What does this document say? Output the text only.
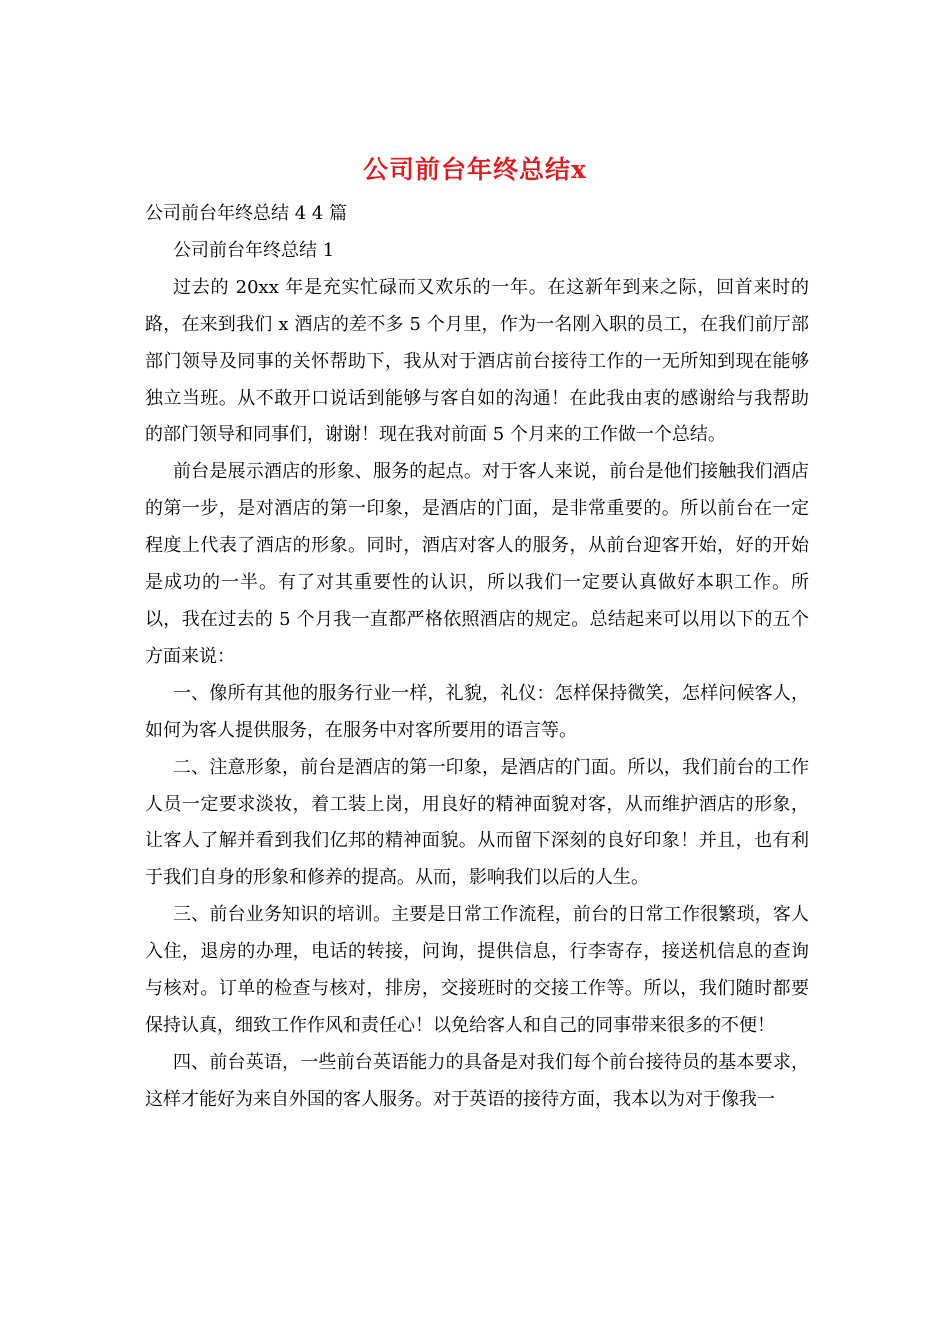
公司前台年终总结x

公司前台年终总结 4 4 篇

公司前台年终总结 1

过去的 20xx 年是充实忙碌而又欢乐的一年。在这新年到来之际，回首来时的路，在来到我们 x 酒店的差不多 5 个月里，作为一名刚入职的员工，在我们前厅部部门领导及同事的关怀帮助下，我从对于酒店前台接待工作的一无所知到现在能够独立当班。从不敢开口说话到能够与客自如的沟通！在此我由衷的感谢给与我帮助的部门领导和同事们，谢谢！现在我对前面 5 个月来的工作做一个总结。

前台是展示酒店的形象、服务的起点。对于客人来说，前台是他们接触我们酒店的第一步，是对酒店的第一印象，是酒店的门面，是非常重要的。所以前台在一定程度上代表了酒店的形象。同时，酒店对客人的服务，从前台迎客开始，好的开始是成功的一半。有了对其重要性的认识，所以我们一定要认真做好本职工作。所以，我在过去的 5 个月我一直都严格依照酒店的规定。总结起来可以用以下的五个方面来说：

一、像所有其他的服务行业一样，礼貌，礼仪：怎样保持微笑，怎样问候客人，如何为客人提供服务，在服务中对客所要用的语言等。

二、注意形象，前台是酒店的第一印象，是酒店的门面。所以，我们前台的工作人员一定要求淡妆，着工装上岗，用良好的精神面貌对客，从而维护酒店的形象，让客人了解并看到我们亿邦的精神面貌。从而留下深刻的良好印象！并且，也有利于我们自身的形象和修养的提高。从而，影响我们以后的人生。

三、前台业务知识的培训。主要是日常工作流程，前台的日常工作很繁琐，客人入住，退房的办理，电话的转接，问询，提供信息，行李寄存，接送机信息的查询与核对。订单的检查与核对，排房，交接班时的交接工作等。所以，我们随时都要保持认真，细致工作作风和责任心！以免给客人和自己的同事带来很多的不便！

四、前台英语，一些前台英语能力的具备是对我们每个前台接待员的基本要求，这样才能好为来自外国的客人服务。对于英语的接待方面，我本以为对于像我一
